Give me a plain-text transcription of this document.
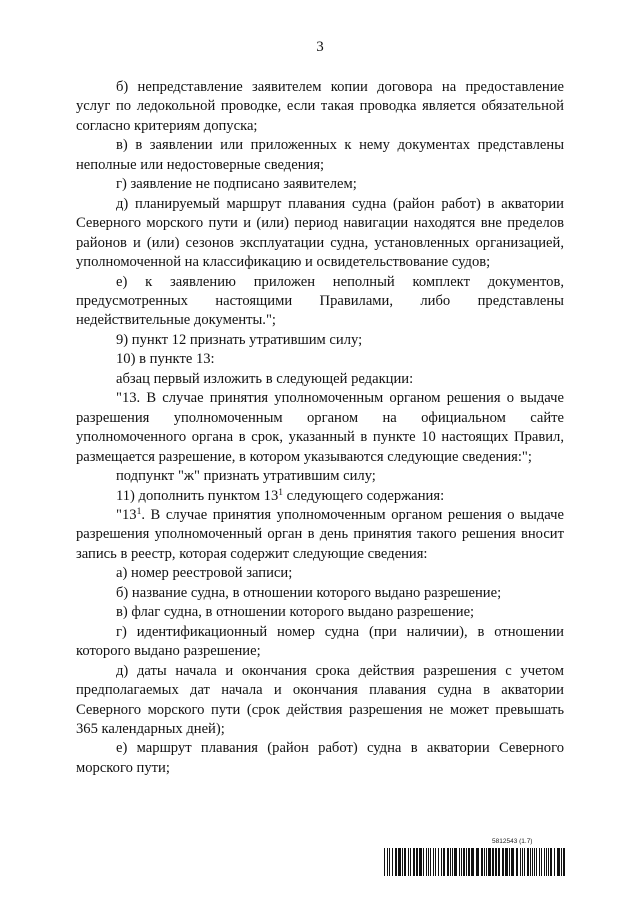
3

б) непредставление заявителем копии договора на предоставление услуг по ледокольной проводке, если такая проводка является обязательной согласно критериям допуска;

в) в заявлении или приложенных к нему документах представлены неполные или недостоверные сведения;

г) заявление не подписано заявителем;

д) планируемый маршрут плавания судна (район работ) в акватории Северного морского пути и (или) период навигации находятся вне пределов районов и (или) сезонов эксплуатации судна, установленных организацией, уполномоченной на классификацию и освидетельствование судов;

е) к заявлению приложен неполный комплект документов, предусмотренных настоящими Правилами, либо представлены недействительные документы.";

9) пункт 12 признать утратившим силу;

10) в пункте 13:

абзац первый изложить в следующей редакции:

"13. В случае принятия уполномоченным органом решения о выдаче разрешения уполномоченным органом на официальном сайте уполномоченного органа в срок, указанный в пункте 10 настоящих Правил, размещается разрешение, в котором указываются следующие сведения:";

подпункт "ж" признать утратившим силу;

11) дополнить пунктом $13^1$ следующего содержания:

"$13^1$. В случае принятия уполномоченным органом решения о выдаче разрешения уполномоченный орган в день принятия такого решения вносит запись в реестр, которая содержит следующие сведения:

а) номер реестровой записи;

б) название судна, в отношении которого выдано разрешение;

в) флаг судна, в отношении которого выдано разрешение;

г) идентификационный номер судна (при наличии), в отношении которого выдано разрешение;

д) даты начала и окончания срока действия разрешения с учетом предполагаемых дат начала и окончания плавания судна в акватории Северного морского пути (срок действия разрешения не может превышать 365 календарных дней);

е) маршрут плавания (район работ) судна в акватории Северного морского пути;

5812543 (1.7)
